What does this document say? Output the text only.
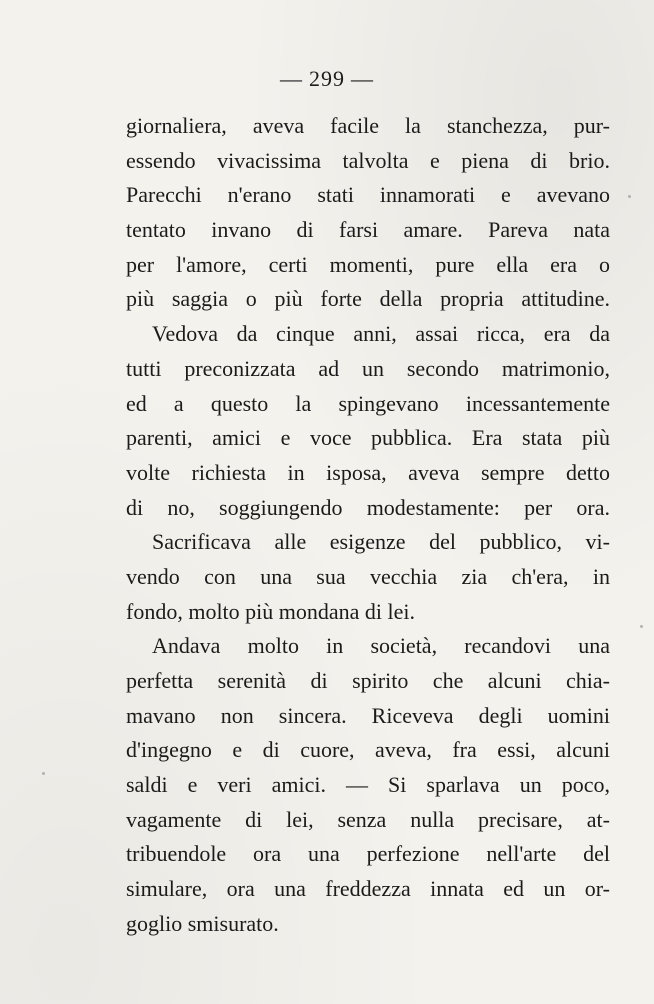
— 299 —
giornaliera, aveva facile la stanchezza, pur-
essendo vivacissima talvolta e piena di brio.
Parecchi n'erano stati innamorati e avevano
tentato invano di farsi amare. Pareva nata
per l'amore, certi momenti, pure ella era o
più saggia o più forte della propria attitudine.
Vedova da cinque anni, assai ricca, era da
tutti preconizzata ad un secondo matrimonio,
ed a questo la spingevano incessantemente
parenti, amici e voce pubblica. Era stata più
volte richiesta in isposa, aveva sempre detto
di no, soggiungendo modestamente: per ora.
Sacrificava alle esigenze del pubblico, vi-
vendo con una sua vecchia zia ch'era, in
fondo, molto più mondana di lei.
Andava molto in società, recandovi una
perfetta serenità di spirito che alcuni chia-
mavano non sincera. Riceveva degli uomini
d'ingegno e di cuore, aveva, fra essi, alcuni
saldi e veri amici. — Si sparlava un poco,
vagamente di lei, senza nulla precisare, at-
tribuendole ora una perfezione nell'arte del
simulare, ora una freddezza innata ed un or-
goglio smisurato.
